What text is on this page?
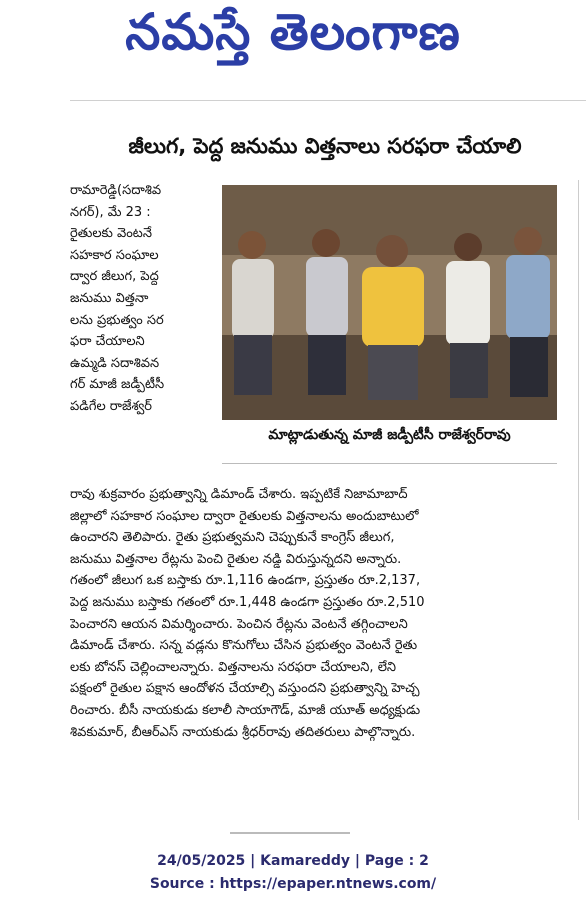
నమస్తే తెలంగాణ
జీలుగ, పెద్ద జనుము విత్తనాలు సరఫరా చేయాలి
రామారెడ్డి(సదాశివ
నగర్), మే 23 :
రైతులకు వెంటనే
సహకార సంఘాల
ద్వార జీలుగ, పెద్ద
జనుము విత్తనా
లను ప్రభుత్వం సర
ఫరా చేయాలని
ఉమ్మడి సదాశివన
గర్ మాజీ జడ్పీటీసీ
పడిగేల రాజేశ్వర్
మాట్లాడుతున్న మాజీ జడ్పీటీసీ రాజేశ్వర్‌రావు
రావు శుక్రవారం ప్రభుత్వాన్ని డిమాండ్ చేశారు. ఇప్పటికే నిజామాబాద్
జిల్లాలో సహకార సంఘాల ద్వారా రైతులకు విత్తనాలను అందుబాటులో
ఉంచారని తెలిపారు. రైతు ప్రభుత్వమని చెప్పుకునే కాంగ్రెస్ జీలుగ,
జనుము విత్తనాల రేట్లను పెంచి రైతుల నడ్డి విరుస్తున్నదని అన్నారు.
గతంలో జీలుగ ఒక బస్తాకు రూ.1,116 ఉండగా, ప్రస్తుతం రూ.2,137,
పెద్ద జనుము బస్తాకు గతంలో రూ.1,448 ఉండగా ప్రస్తుతం రూ.2,510
పెంచారని ఆయన విమర్శించారు. పెంచిన రేట్లను వెంటనే తగ్గించాలని
డిమాండ్ చేశారు. సన్న వడ్లను కొనుగోలు చేసిన ప్రభుత్వం వెంటనే రైతు
లకు బోనస్ చెల్లించాలన్నారు. విత్తనాలను సరఫరా చేయాలని, లేని
పక్షంలో రైతుల పక్షాన ఆందోళన చేయాల్సి వస్తుందని ప్రభుత్వాన్ని హెచ్చ
రించారు. బీసీ నాయకుడు కలాలీ సాయాగౌడ్, మాజీ యూత్ అధ్యక్షుడు
శివకుమార్, బీఆర్ఎస్ నాయకుడు శ్రీధర్‌రావు తదితరులు పాల్గొన్నారు.
24/05/2025 | Kamareddy | Page : 2
Source : https://epaper.ntnews.com/
